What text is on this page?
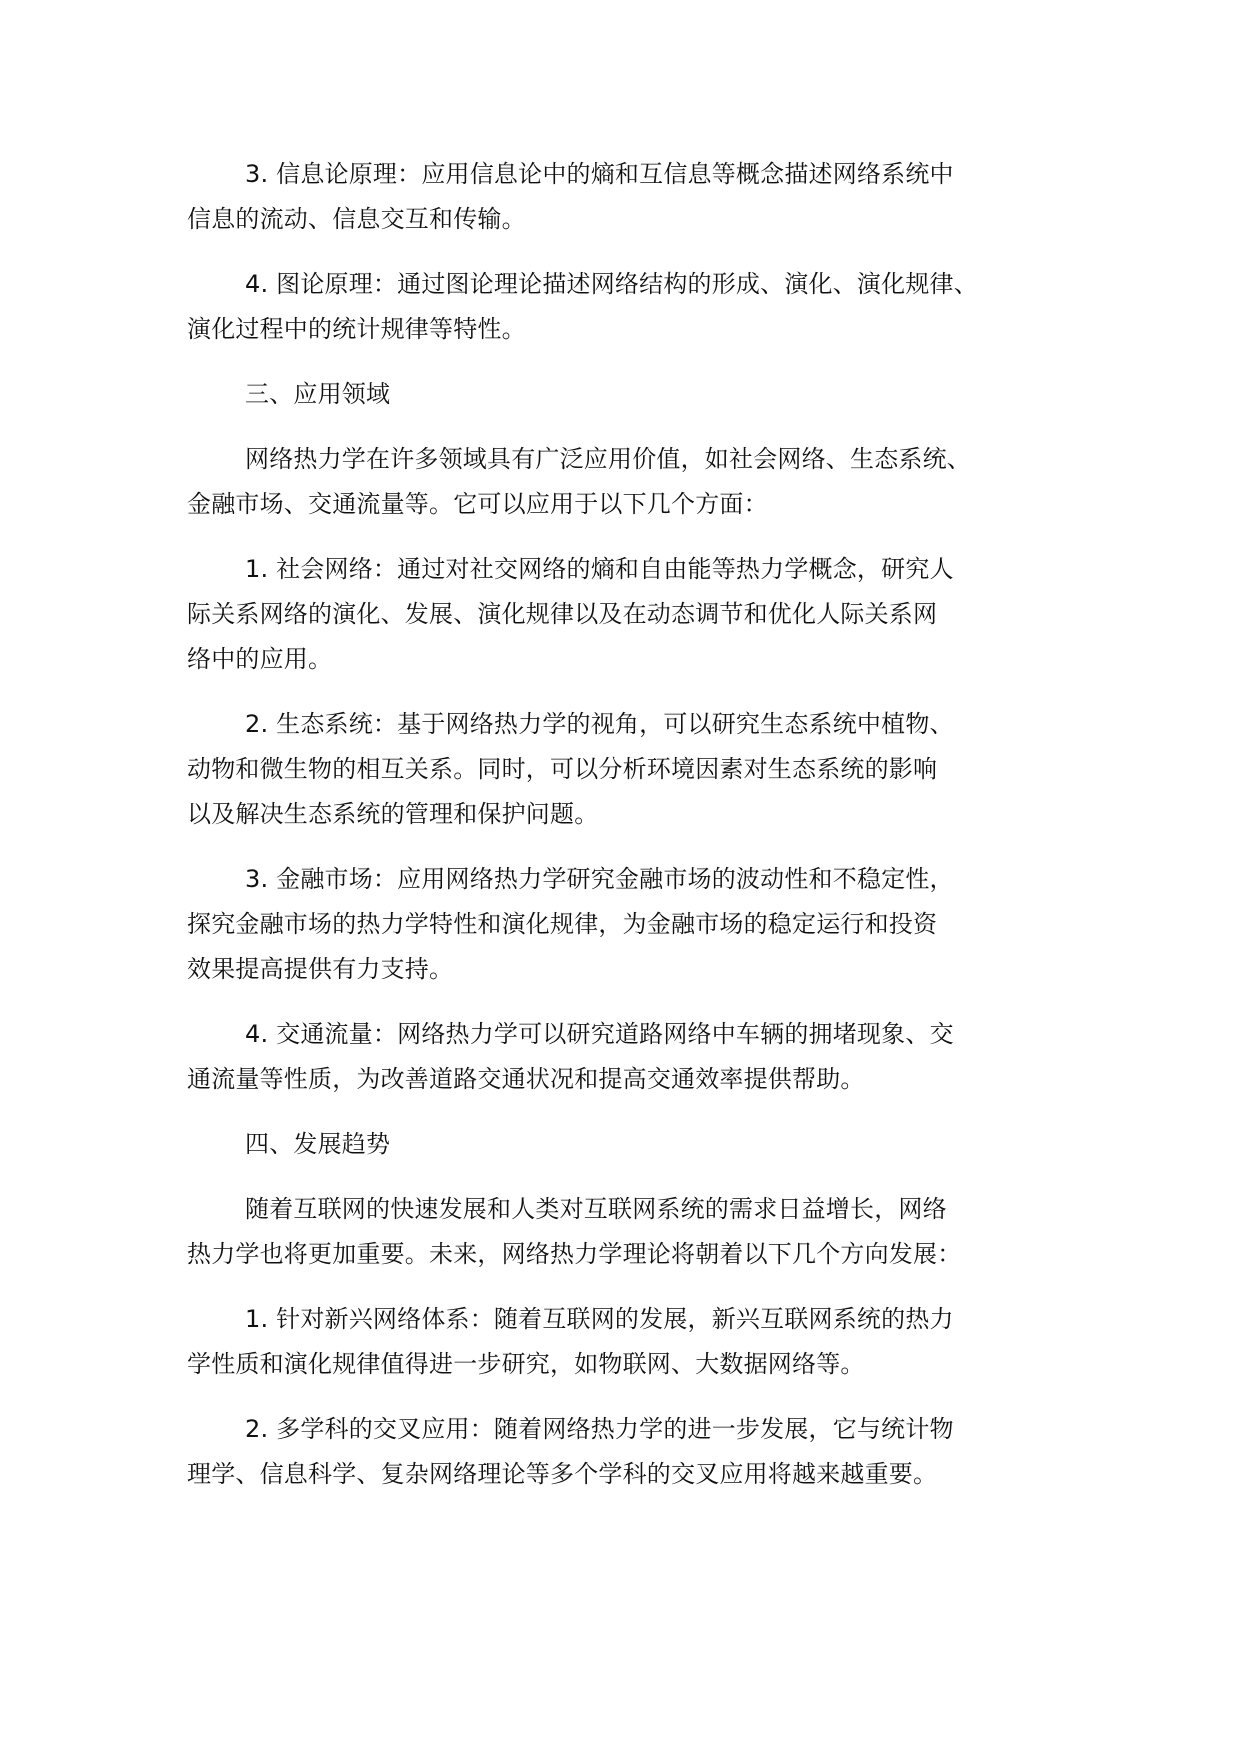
3. 信息论原理：应用信息论中的熵和互信息等概念描述网络系统中
信息的流动、信息交互和传输。

4. 图论原理：通过图论理论描述网络结构的形成、演化、演化规律、
演化过程中的统计规律等特性。

三、应用领域

网络热力学在许多领域具有广泛应用价值，如社会网络、生态系统、
金融市场、交通流量等。它可以应用于以下几个方面：

1. 社会网络：通过对社交网络的熵和自由能等热力学概念，研究人
际关系网络的演化、发展、演化规律以及在动态调节和优化人际关系网
络中的应用。

2. 生态系统：基于网络热力学的视角，可以研究生态系统中植物、
动物和微生物的相互关系。同时，可以分析环境因素对生态系统的影响
以及解决生态系统的管理和保护问题。

3. 金融市场：应用网络热力学研究金融市场的波动性和不稳定性，
探究金融市场的热力学特性和演化规律，为金融市场的稳定运行和投资
效果提高提供有力支持。

4. 交通流量：网络热力学可以研究道路网络中车辆的拥堵现象、交
通流量等性质，为改善道路交通状况和提高交通效率提供帮助。

四、发展趋势

随着互联网的快速发展和人类对互联网系统的需求日益增长，网络
热力学也将更加重要。未来，网络热力学理论将朝着以下几个方向发展：

1. 针对新兴网络体系：随着互联网的发展，新兴互联网系统的热力
学性质和演化规律值得进一步研究，如物联网、大数据网络等。

2. 多学科的交叉应用：随着网络热力学的进一步发展，它与统计物
理学、信息科学、复杂网络理论等多个学科的交叉应用将越来越重要。
